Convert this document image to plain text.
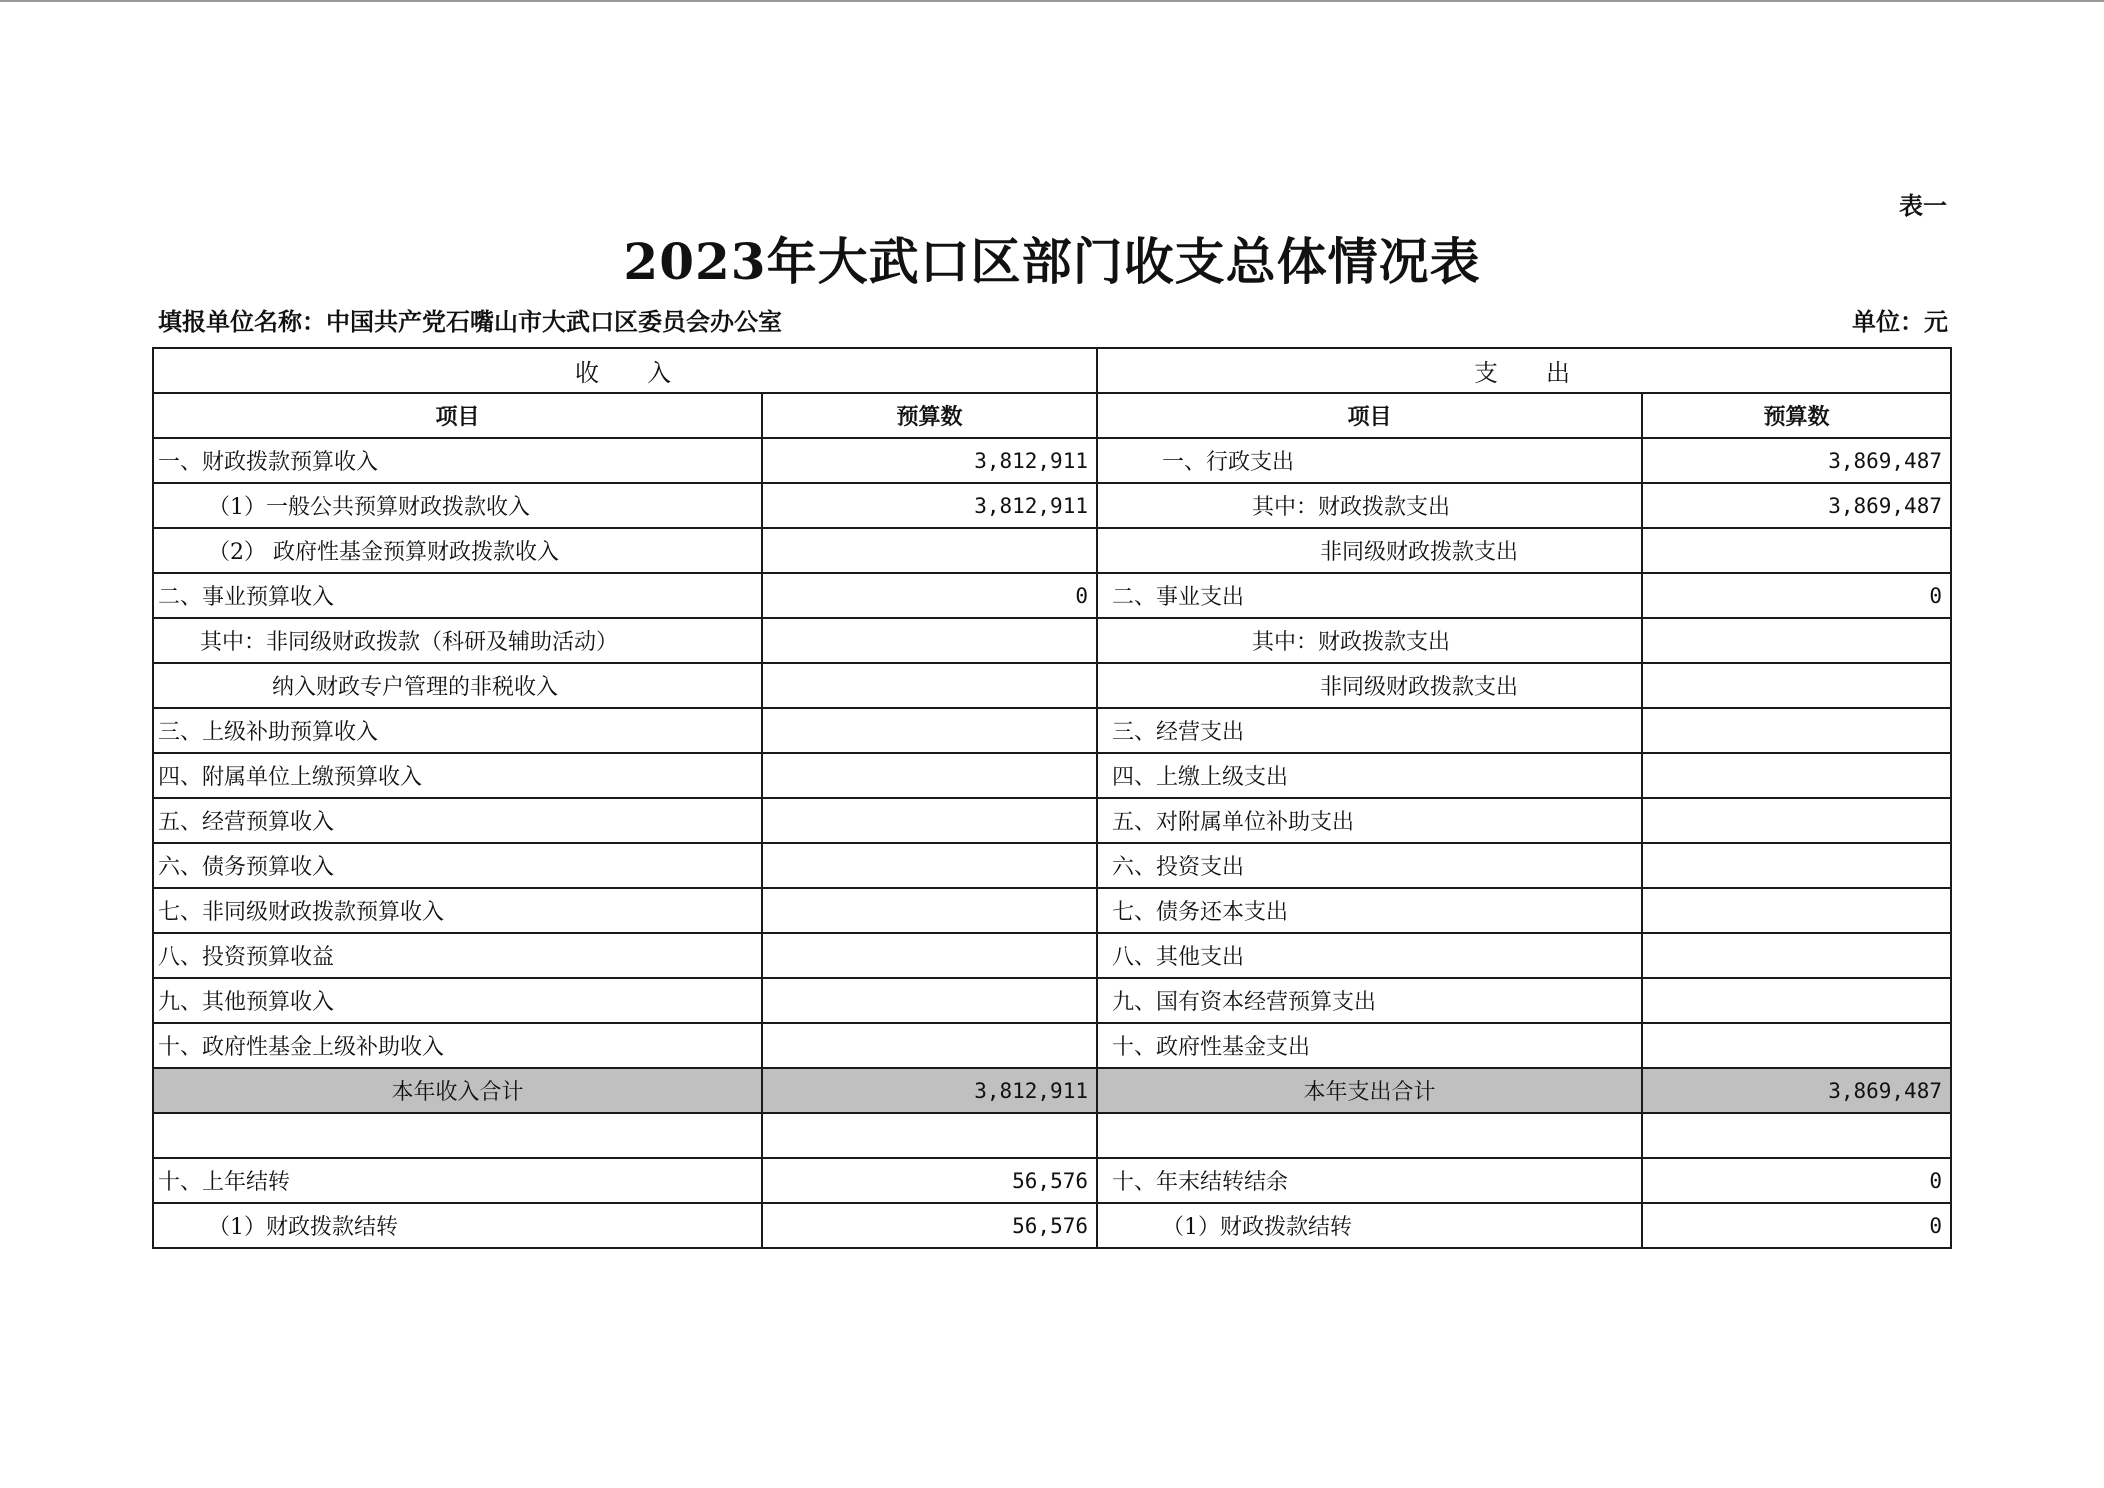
表一
2023年大武口区部门收支总体情况表
填报单位名称：中国共产党石嘴山市大武口区委员会办公室	单位：元
收入		支出	
项目	预算数	项目	预算数
一、财政拨款预算收入	3,812,911	一、行政支出	3,869,487
（1）一般公共预算财政拨款收入	3,812,911	其中：财政拨款支出	3,869,487
（2） 政府性基金预算财政拨款收入		非同级财政拨款支出	
二、事业预算收入	0	二、事业支出	0
其中：非同级财政拨款（科研及辅助活动）		其中：财政拨款支出	
纳入财政专户管理的非税收入		非同级财政拨款支出	
三、上级补助预算收入		三、经营支出	
四、附属单位上缴预算收入		四、上缴上级支出	
五、经营预算收入		五、对附属单位补助支出	
六、债务预算收入		六、投资支出	
七、非同级财政拨款预算收入		七、债务还本支出	
八、投资预算收益		八、其他支出	
九、其他预算收入		九、国有资本经营预算支出	
十、政府性基金上级补助收入		十、政府性基金支出	
本年收入合计	3,812,911	本年支出合计	3,869,487

十、上年结转	56,576	十、年末结转结余	0
（1）财政拨款结转	56,576	（1）财政拨款结转	0
